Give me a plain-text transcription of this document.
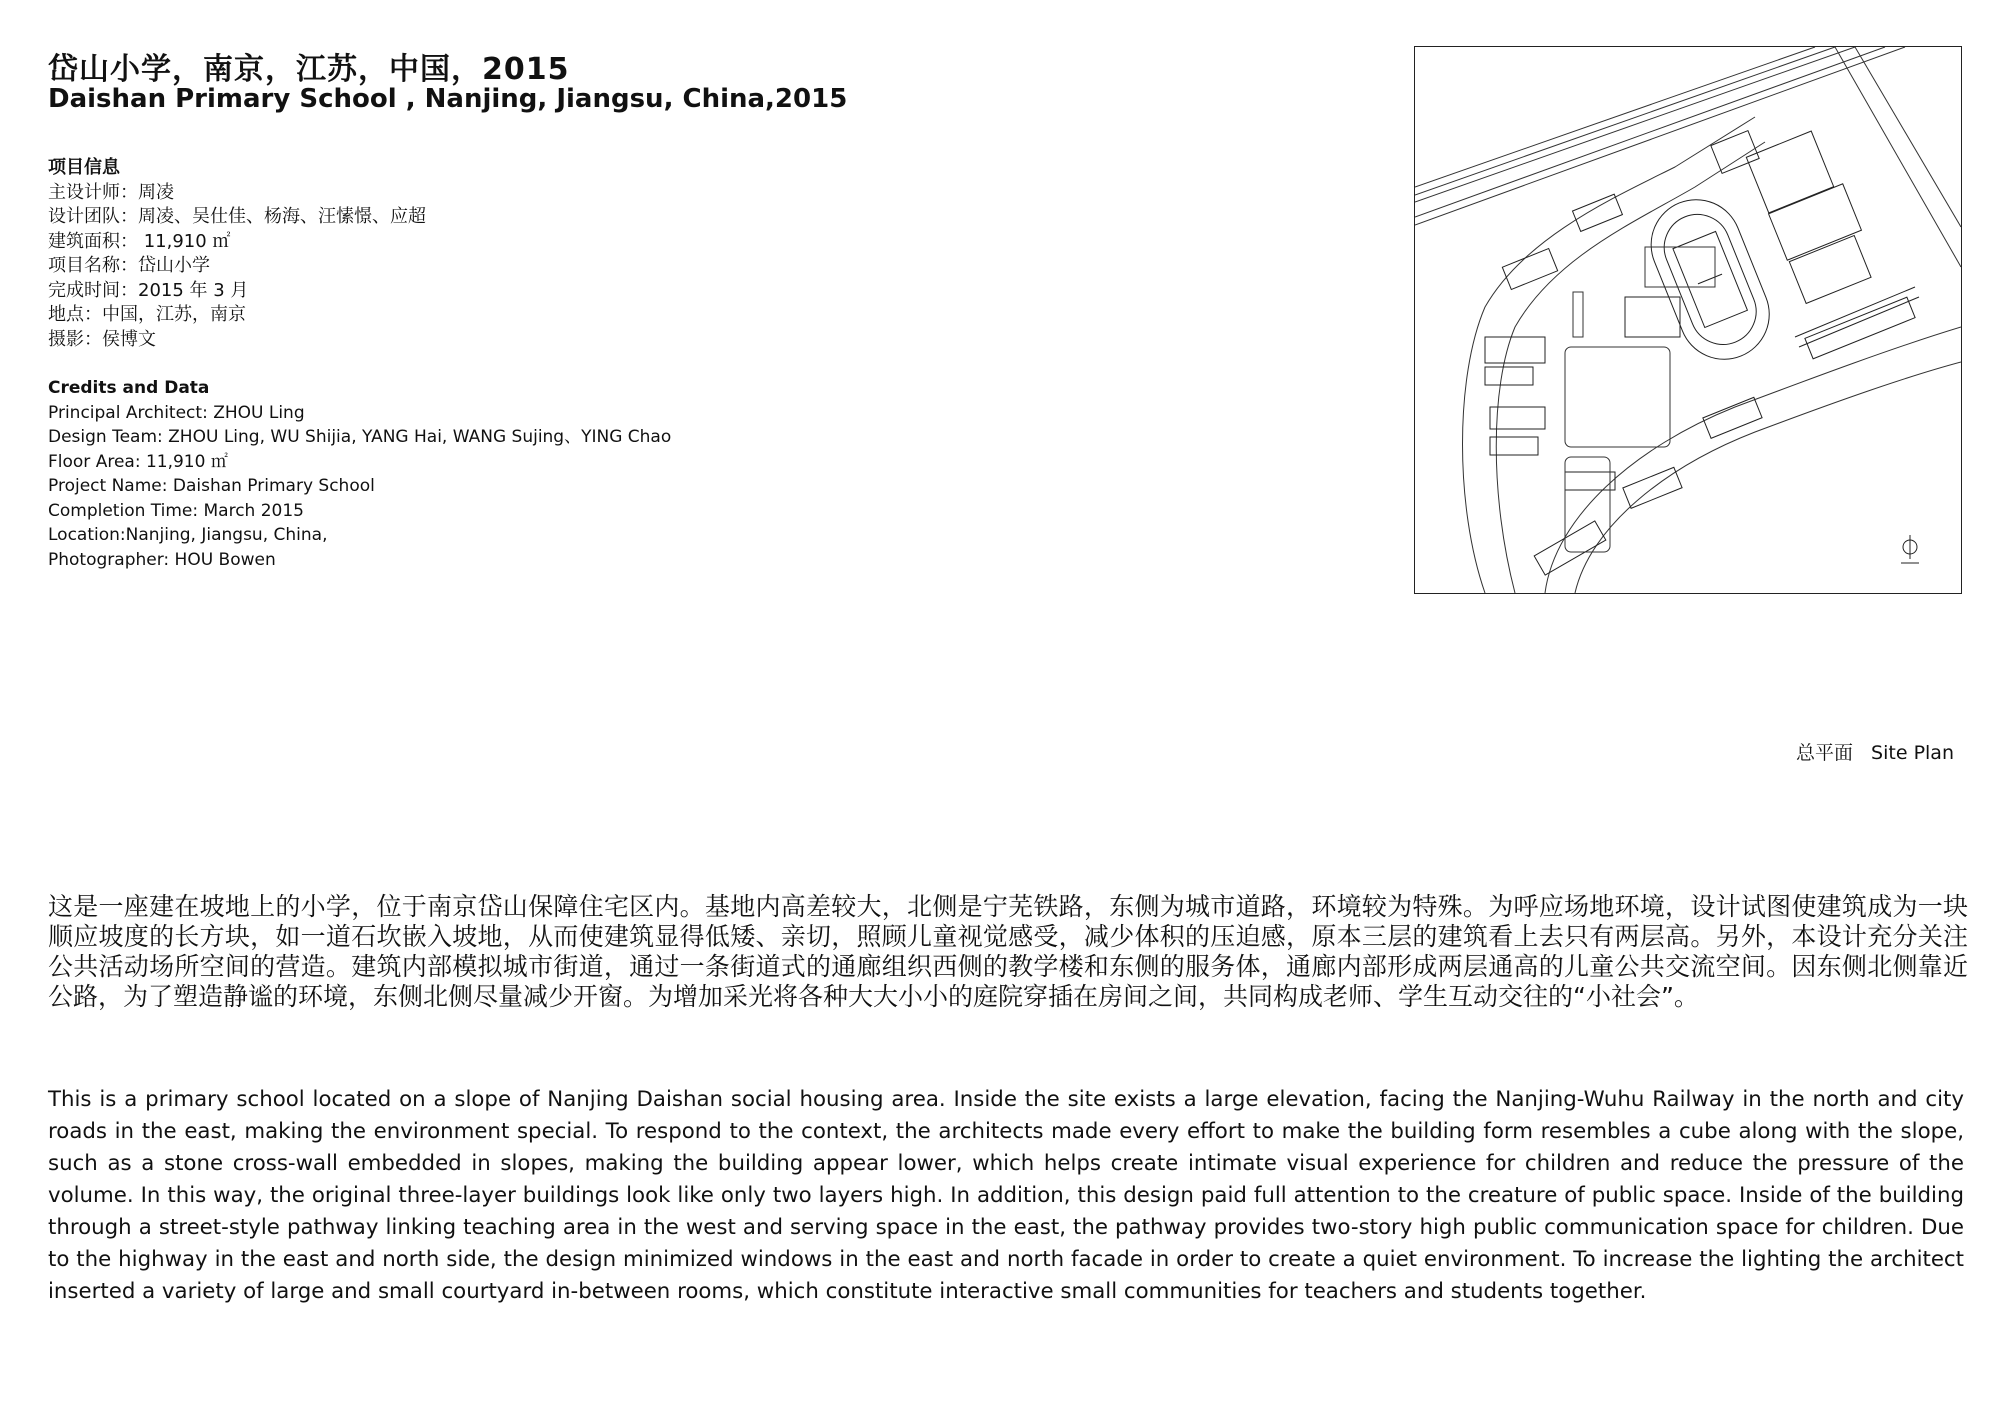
岱山小学，南京，江苏，中国，2015
Daishan Primary School , Nanjing, Jiangsu, China,2015
项目信息
主设计师：周凌
设计团队：周凌、吴仕佳、杨海、汪愫憬、应超
建筑面积： 11,910 ㎡
项目名称：岱山小学
完成时间：2015 年 3 月
地点：中国，江苏，南京
摄影：侯博文
Credits and Data
Principal Architect: ZHOU Ling
Design Team: ZHOU Ling, WU Shijia, YANG Hai, WANG Sujing、YING Chao
Floor Area: 11,910 ㎡
Project Name: Daishan Primary School
Completion Time: March 2015
Location:Nanjing, Jiangsu, China,
Photographer: HOU Bowen
总平面 Site Plan
这是一座建在坡地上的小学，位于南京岱山保障住宅区内。基地内高差较大，北侧是宁芜铁路，东侧为城市道路，环境较为特殊。为呼应场地环境，设计试图使建筑成为一块顺应坡度的长方块，如一道石坎嵌入坡地，从而使建筑显得低矮、亲切，照顾儿童视觉感受，减少体积的压迫感，原本三层的建筑看上去只有两层高。另外，本设计充分关注公共活动场所空间的营造。建筑内部模拟城市街道，通过一条街道式的通廊组织西侧的教学楼和东侧的服务体，通廊内部形成两层通高的儿童公共交流空间。因东侧北侧靠近公路，为了塑造静谧的环境，东侧北侧尽量减少开窗。为增加采光将各种大大小小的庭院穿插在房间之间，共同构成老师、学生互动交往的“小社会”。
This is a primary school located on a slope of Nanjing Daishan social housing area. Inside the site exists a large elevation, facing the Nanjing-Wuhu Railway in the north and city roads in the east, making the environment special. To respond to the context, the architects made every effort to make the building form resembles a cube along with the slope, such as a stone cross-wall embedded in slopes, making the building appear lower, which helps create intimate visual experience for children and reduce the pressure of the volume. In this way, the original three-layer buildings look like only two layers high. In addition, this design paid full attention to the creature of public space. Inside of the building through a street-style pathway linking teaching area in the west and serving space in the east, the pathway provides two-story high public communication space for children. Due to the highway in the east and north side, the design minimized windows in the east and north facade in order to create a quiet environment. To increase the lighting the architect inserted a variety of large and small courtyard in-between rooms, which constitute interactive small communities for teachers and students together.
